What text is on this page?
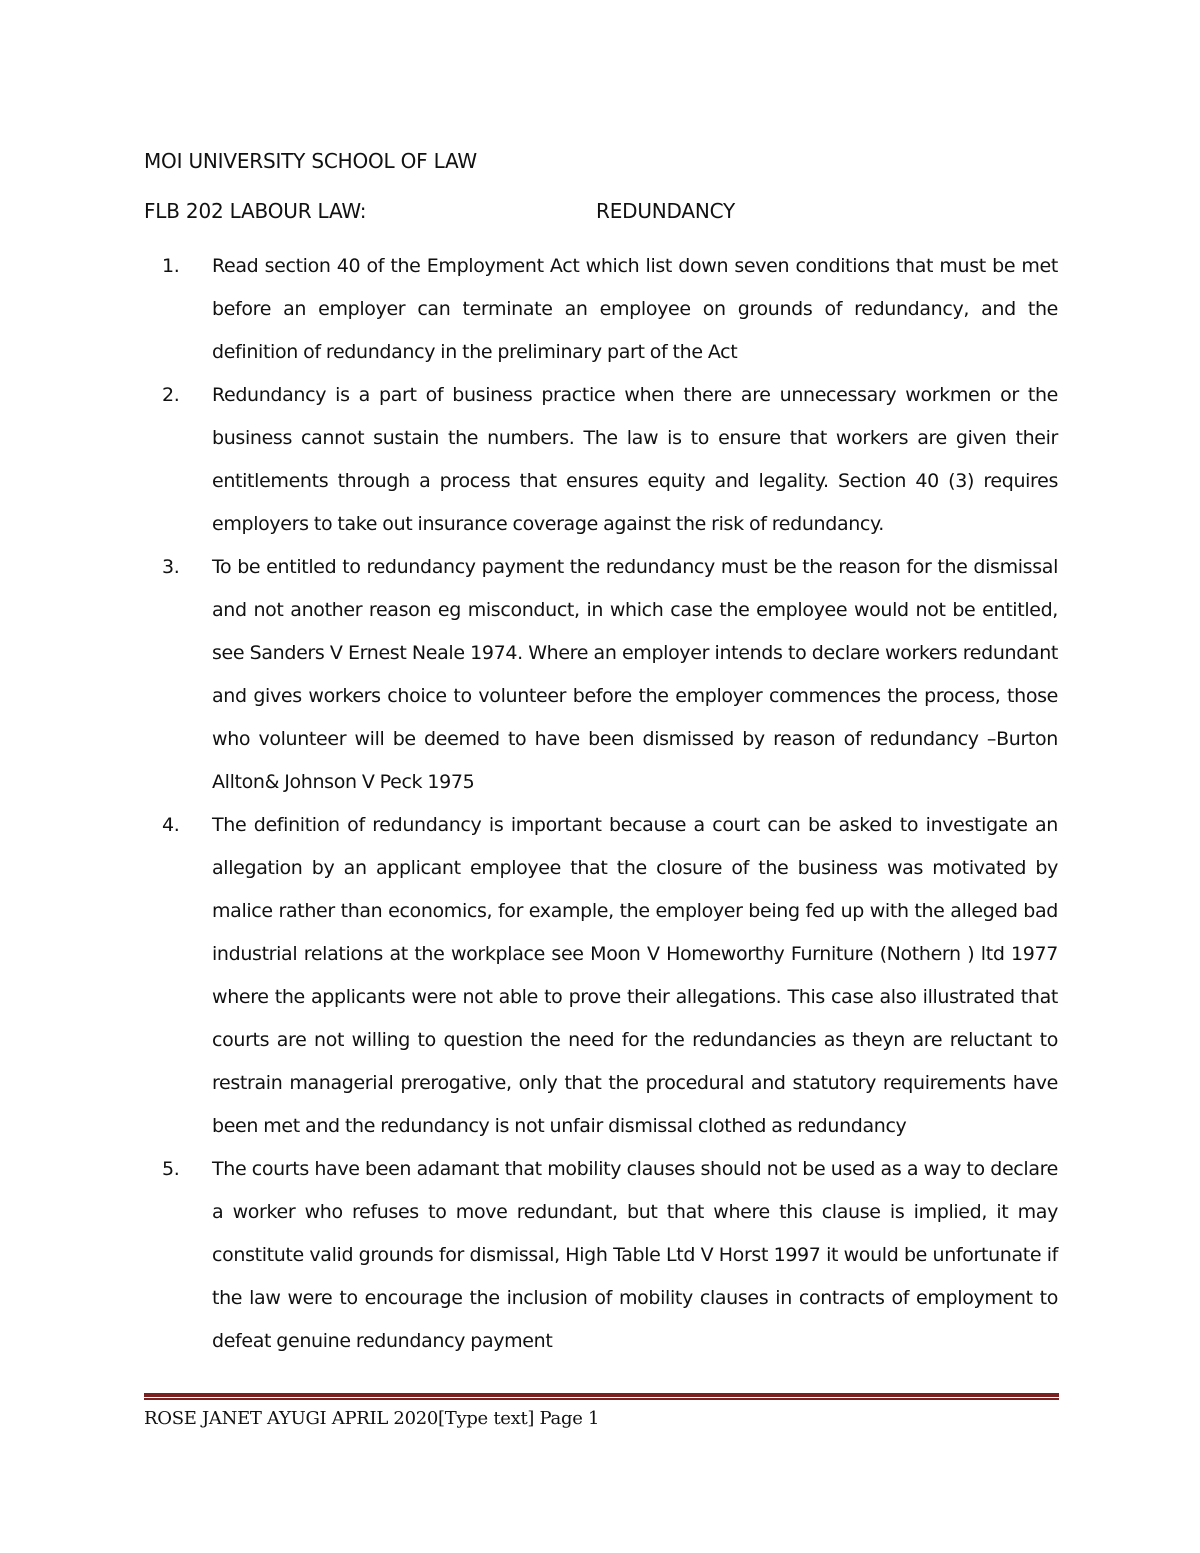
MOI UNIVERSITY SCHOOL OF LAW

FLB 202 LABOUR LAW:

	REDUNDANCY

1. Read section 40 of the Employment Act which list down seven conditions that must be met before an employer can terminate an employee on grounds of redundancy, and the definition of redundancy in the preliminary part of the Act
2. Redundancy is a part of business practice when there are unnecessary workmen or the business cannot sustain the numbers. The law is to ensure that workers are given their entitlements through a process that ensures equity and legality. Section 40 (3) requires employers to take out insurance coverage against the risk of redundancy.
3. To be entitled to redundancy payment the redundancy must be the reason for the dismissal and not another reason eg misconduct, in which case the employee would not be entitled, see Sanders V Ernest Neale 1974. Where an employer intends to declare workers redundant and gives workers choice to volunteer before the employer commences the process, those who volunteer will be deemed to have been dismissed by reason of redundancy –Burton Allton& Johnson V Peck 1975
4. The definition of redundancy is important because a court can be asked to investigate an allegation by an applicant employee that the closure of the business was motivated by malice rather than economics, for example, the employer being fed up with the alleged bad industrial relations at the workplace see Moon V Homeworthy Furniture (Nothern ) ltd 1977 where the applicants were not able to prove their allegations. This case also illustrated that courts are not willing to question the need for the redundancies as theyn are reluctant to restrain managerial prerogative, only that the procedural and statutory requirements have been met and the redundancy is not unfair dismissal clothed as redundancy
5. The courts have been adamant that mobility clauses should not be used as a way to declare a worker who refuses to move redundant, but that where this clause is implied, it may constitute valid grounds for dismissal, High Table Ltd V Horst 1997 it would be unfortunate if the law were to encourage the inclusion of mobility clauses in contracts of employment to defeat genuine redundancy payment
ROSE JANET AYUGI APRIL 2020[Type text] Page 1
